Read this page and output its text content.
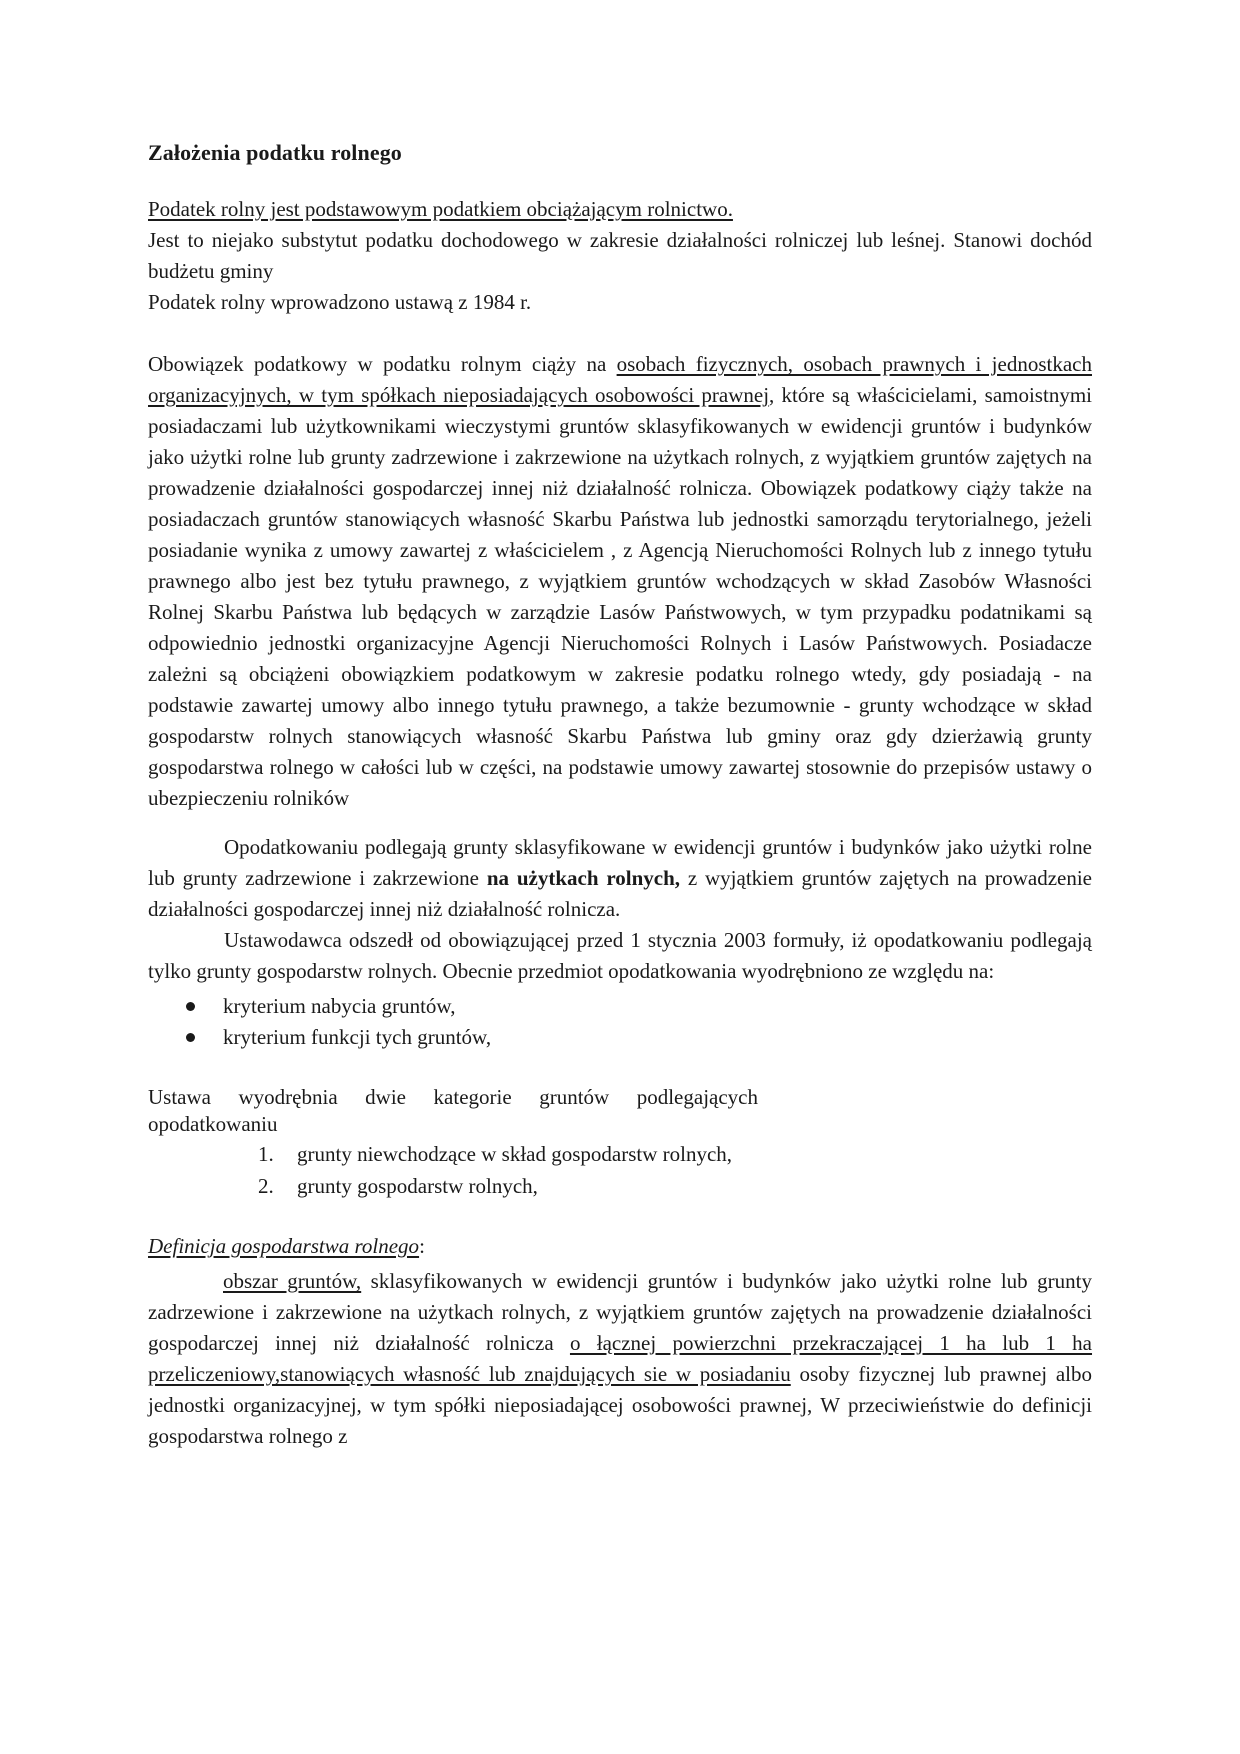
Założenia podatku rolnego

Podatek rolny jest podstawowym podatkiem obciążającym rolnictwo.

Jest to niejako substytut podatku dochodowego w zakresie działalności rolniczej lub leśnej. Stanowi dochód budżetu gminy

Podatek rolny wprowadzono ustawą z 1984 r.

Obowiązek podatkowy w podatku rolnym ciąży na osobach fizycznych, osobach prawnych i jednostkach organizacyjnych, w tym spółkach nieposiadających osobowości prawnej, które są właścicielami, samoistnymi posiadaczami lub użytkownikami wieczystymi gruntów sklasyfikowanych w ewidencji gruntów i budynków jako użytki rolne lub grunty zadrzewione i zakrzewione na użytkach rolnych, z wyjątkiem gruntów zajętych na prowadzenie działalności gospodarczej innej niż działalność rolnicza. Obowiązek podatkowy ciąży także na posiadaczach gruntów stanowiących własność Skarbu Państwa lub jednostki samorządu terytorialnego, jeżeli posiadanie wynika z umowy zawartej z właścicielem , z Agencją Nieruchomości Rolnych lub z innego tytułu prawnego albo jest bez tytułu prawnego, z wyjątkiem gruntów wchodzących w skład Zasobów Własności Rolnej Skarbu Państwa lub będących w zarządzie Lasów Państwowych, w tym przypadku podatnikami są odpowiednio jednostki organizacyjne Agencji Nieruchomości Rolnych i Lasów Państwowych. Posiadacze zależni są obciążeni obowiązkiem podatkowym w zakresie podatku rolnego wtedy, gdy posiadają - na podstawie zawartej umowy albo innego tytułu prawnego, a także bezumownie - grunty wchodzące w skład gospodarstw rolnych stanowiących własność Skarbu Państwa lub gminy oraz gdy dzierżawią grunty gospodarstwa rolnego w całości lub w części, na podstawie umowy zawartej stosownie do przepisów ustawy o ubezpieczeniu rolników

Opodatkowaniu podlegają grunty sklasyfikowane w ewidencji gruntów i budynków jako użytki rolne lub grunty zadrzewione i zakrzewione na użytkach rolnych, z wyjątkiem gruntów zajętych na prowadzenie działalności gospodarczej innej niż działalność rolnicza.

Ustawodawca odszedł od obowiązującej przed 1 stycznia 2003 formuły, iż opodatkowaniu podlegają tylko grunty gospodarstw rolnych. Obecnie przedmiot opodatkowania wyodrębniono ze względu na:

kryterium nabycia gruntów,
kryterium funkcji tych gruntów,
Ustawa wyodrębnia dwie kategorie gruntów podlegających
opodatkowaniu
1. grunty niewchodzące w skład gospodarstw rolnych,
2. grunty gospodarstw rolnych,
Definicja gospodarstwa rolnego:

obszar gruntów, sklasyfikowanych w ewidencji gruntów i budynków jako użytki rolne lub grunty zadrzewione i zakrzewione na użytkach rolnych, z wyjątkiem gruntów zajętych na prowadzenie działalności gospodarczej innej niż działalność rolnicza o łącznej powierzchni przekraczającej 1 ha lub 1 ha przeliczeniowy,stanowiących własność lub znajdujących sie w posiadaniu osoby fizycznej lub prawnej albo jednostki organizacyjnej, w tym spółki nieposiadającej osobowości prawnej, W przeciwieństwie do definicji gospodarstwa rolnego z
